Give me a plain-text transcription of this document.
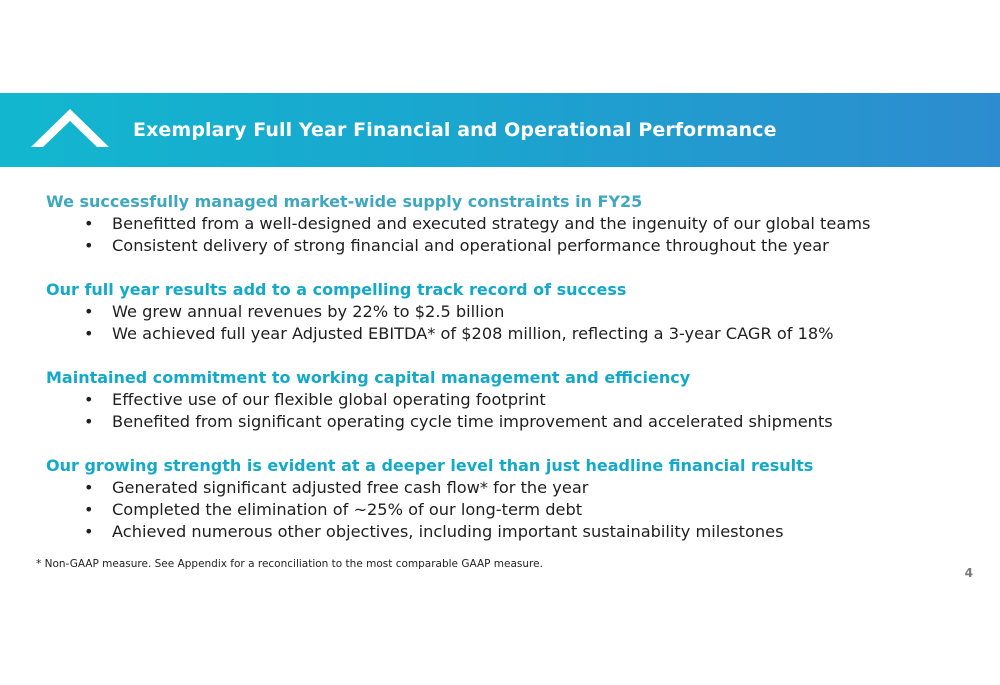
Exemplary Full Year Financial and Operational Performance
We successfully managed market-wide supply constraints in FY25
• Benefitted from a well-designed and executed strategy and the ingenuity of our global teams
• Consistent delivery of strong financial and operational performance throughout the year
Our full year results add to a compelling track record of success
• We grew annual revenues by 22% to $2.5 billion
• We achieved full year Adjusted EBITDA* of $208 million, reflecting a 3-year CAGR of 18%
Maintained commitment to working capital management and efficiency
• Effective use of our flexible global operating footprint
• Benefited from significant operating cycle time improvement and accelerated shipments
Our growing strength is evident at a deeper level than just headline financial results
• Generated significant adjusted free cash flow* for the year
• Completed the elimination of ~25% of our long-term debt
• Achieved numerous other objectives, including important sustainability milestones
* Non-GAAP measure. See Appendix for a reconciliation to the most comparable GAAP measure.
4
